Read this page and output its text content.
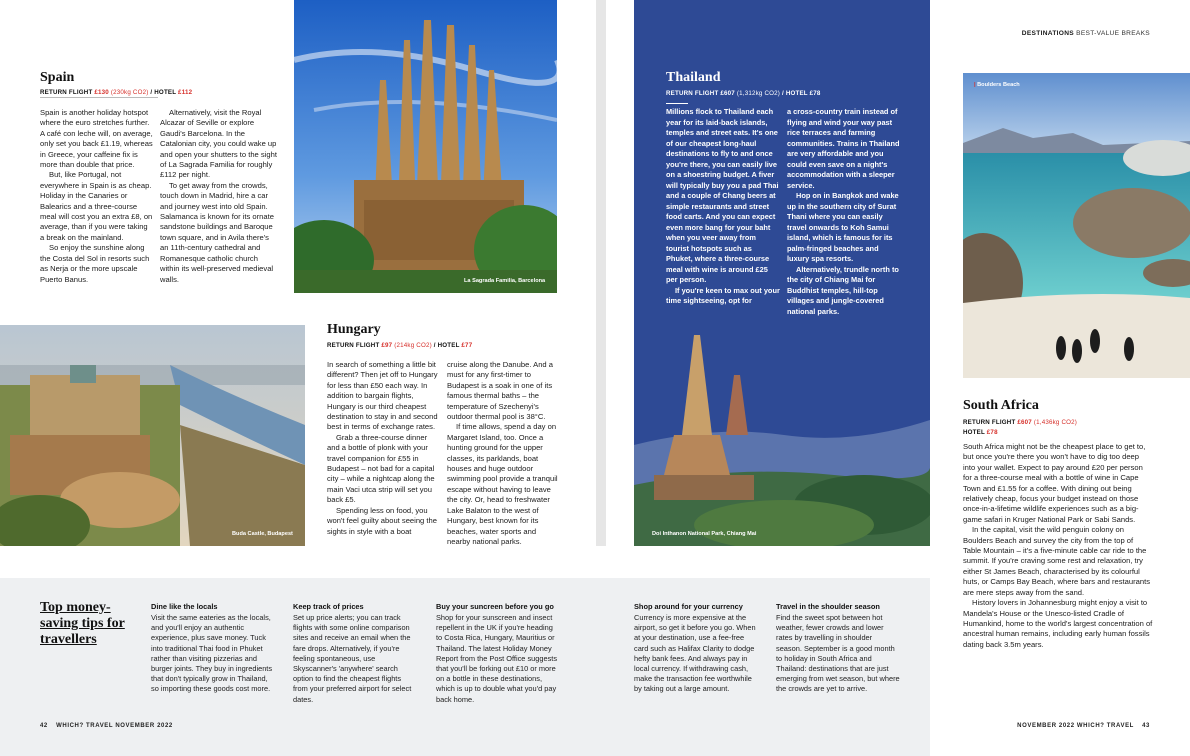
DESTINATIONS BEST-VALUE BREAKS
Spain
RETURN FLIGHT £130 (230kg CO2) / HOTEL £112

Spain is another holiday hotspot where the euro stretches further. A café con leche will, on average, only set you back £1.19, whereas in Greece, your caffeine fix is more than double that price.

But, like Portugal, not everywhere in Spain is as cheap. Holiday in the Canaries or Balearics and a three-course meal will cost you an extra £8, on average, than if you were taking a break on the mainland.

So enjoy the sunshine along the Costa del Sol in resorts such as Nerja or the more upscale Puerto Banus.

Alternatively, visit the Royal Alcazar of Seville or explore Gaudi's Barcelona. In the Catalonian city, you could wake up and open your shutters to the sight of La Sagrada Familia for roughly £112 per night.

To get away from the crowds, touch down in Madrid, hire a car and journey west into old Spain. Salamanca is known for its ornate sandstone buildings and Baroque town square, and in Avila there's an 11th-century cathedral and Romanesque catholic church within its well-preserved medieval walls.	La Sagrada Familia, Barcelona
Buda Castle, Budapest
Hungary
RETURN FLIGHT £97 (214kg CO2) / HOTEL £77

In search of something a little bit different? Then jet off to Hungary for less than £50 each way. In addition to bargain flights, Hungary is our third cheapest destination to stay in and second best in terms of exchange rates.

Grab a three-course dinner and a bottle of plonk with your travel companion for £55 in Budapest – not bad for a capital city – while a nightcap along the main Vaci utca strip will set you back £5.

Spending less on food, you won't feel guilty about seeing the sights in style with a boat

cruise along the Danube. And a must for any first-timer to Budapest is a soak in one of its famous thermal baths – the temperature of Szechenyi's outdoor thermal pool is 38°C.

If time allows, spend a day on Margaret Island, too. Once a hunting ground for the upper classes, its parklands, boat houses and huge outdoor swimming pool provide a tranquil escape without having to leave the city. Or, head to freshwater Lake Balaton to the west of Hungary, best known for its beaches, water sports and nearby national parks.

Thailand
RETURN FLIGHT £607 (1,312kg CO2) / HOTEL £78

Millions flock to Thailand each year for its laid-back islands, temples and street eats. It's one of our cheapest long-haul destinations to fly to and once you're there, you can easily live on a shoestring budget. A fiver will typically buy you a pad Thai and a couple of Chang beers at simple restaurants and street food carts. And you can expect even more bang for your baht when you veer away from tourist hotspots such as Phuket, where a three-course meal with wine is around £25 per person.

If you're keen to max out your time sightseeing, opt for

a cross-country train instead of flying and wind your way past rice terraces and farming communities. Trains in Thailand are very affordable and you could even save on a night's accommodation with a sleeper service.

Hop on in Bangkok and wake up in the southern city of Surat Thani where you can easily travel onwards to Koh Samui island, which is famous for its palm-fringed beaches and luxury spa resorts.

Alternatively, trundle north to the city of Chiang Mai for Buddhist temples, hill-top villages and jungle-covered national parks.

Doi Inthanon National Park, Chiang Mai
| Boulders Beach
South Africa
RETURN FLIGHT £607 (1,436kg CO2)
HOTEL £78

South Africa might not be the cheapest place to get to, but once you're there you won't have to dig too deep into your wallet. Expect to pay around £20 per person for a three-course meal with a bottle of wine in Cape Town and £1.55 for a coffee. With dining out being relatively cheap, focus your budget instead on those once-in-a-lifetime wildlife experiences such as a big-game safari in Kruger National Park or Sabi Sands.

In the capital, visit the wild penguin colony on Boulders Beach and survey the city from the top of Table Mountain – it's a five-minute cable car ride to the summit. If you're craving some rest and relaxation, try either St James Beach, characterised by its colourful huts, or Camps Bay Beach, where bars and restaurants are mere steps away from the sand.

History lovers in Johannesburg might enjoy a visit to Mandela's House or the Unesco-listed Cradle of Humankind, home to the world's largest concentration of ancestral human remains, including early human fossils dating back 3.5m years.

Top money-saving tips for travellers
Dine like the locals
Visit the same eateries as the locals, and you'll enjoy an authentic experience, plus save money. Tuck into traditional Thai food in Phuket rather than visiting pizzerias and burger joints. They buy in ingredients that don't typically grow in Thailand, so importing these goods cost more.
Keep track of prices
Set up price alerts; you can track flights with some online comparison sites and receive an email when the fare drops. Alternatively, if you're feeling spontaneous, use Skyscanner's 'anywhere' search option to find the cheapest flights from your preferred airport for select dates.
Buy your suncreen before you go
Shop for your sunscreen and insect repellent in the UK if you're heading to Costa Rica, Hungary, Mauritius or Thailand. The latest Holiday Money Report from the Post Office suggests that you'll be forking out £10 or more on a bottle in these destinations, which is up to double what you'd pay back home.
Shop around for your currency
Currency is more expensive at the airport, so get it before you go. When at your destination, use a fee-free card such as Halifax Clarity to dodge hefty bank fees. And always pay in local currency. If withdrawing cash, make the transaction fee worthwhile by taking out a large amount.
Travel in the shoulder season
Find the sweet spot between hot weather, fewer crowds and lower rates by travelling in shoulder season. September is a good month to holiday in South Africa and Thailand: destinations that are just emerging from wet season, but where the crowds are yet to arrive.
42 WHICH? TRAVEL NOVEMBER 2022	NOVEMBER 2022 WHICH? TRAVEL 43
